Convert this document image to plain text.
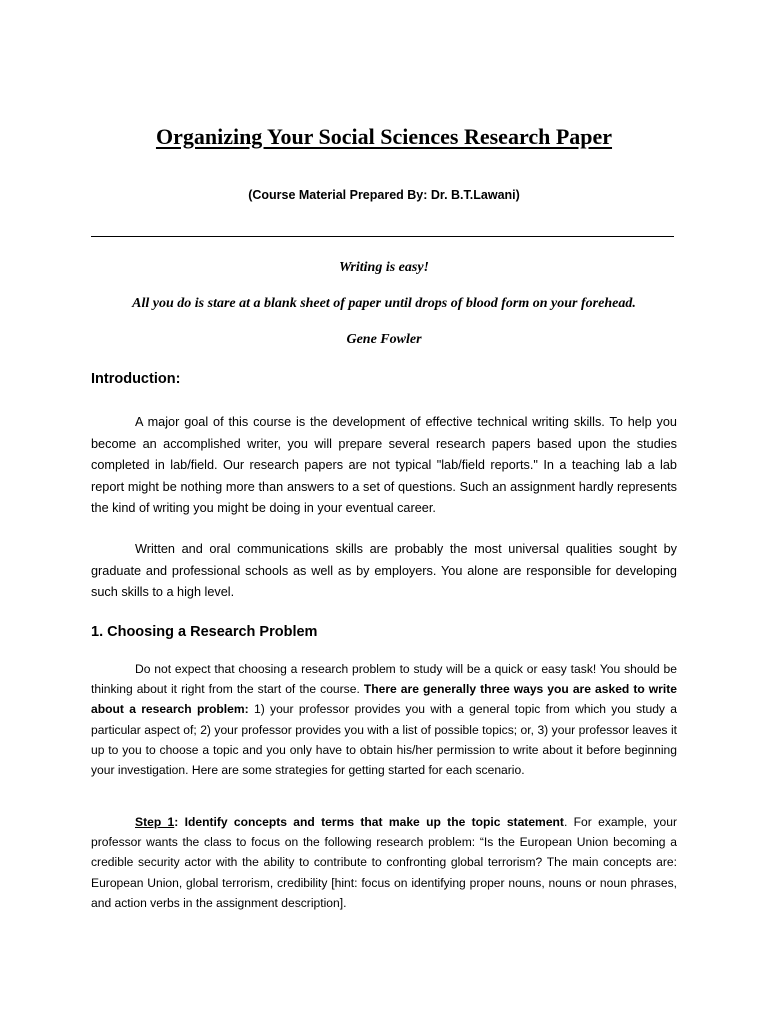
Organizing Your Social Sciences Research Paper
(Course Material Prepared By: Dr. B.T.Lawani)
Writing is easy!
All you do is stare at a blank sheet of paper until drops of blood form on your forehead.
Gene Fowler
Introduction:
A major goal of this course is the development of effective technical writing skills. To help you become an accomplished writer, you will prepare several research papers based upon the studies completed in lab/field. Our research papers are not typical "lab/field reports." In a teaching lab a lab report might be nothing more than answers to a set of questions. Such an assignment hardly represents the kind of writing you might be doing in your eventual career.
Written and oral communications skills are probably the most universal qualities sought by graduate and professional schools as well as by employers. You alone are responsible for developing such skills to a high level.
1. Choosing a Research Problem
Do not expect that choosing a research problem to study will be a quick or easy task! You should be thinking about it right from the start of the course. There are generally three ways you are asked to write about a research problem: 1) your professor provides you with a general topic from which you study a particular aspect of; 2) your professor provides you with a list of possible topics; or, 3) your professor leaves it up to you to choose a topic and you only have to obtain his/her permission to write about it before beginning your investigation. Here are some strategies for getting started for each scenario.
Step 1: Identify concepts and terms that make up the topic statement. For example, your professor wants the class to focus on the following research problem: “Is the European Union becoming a credible security actor with the ability to contribute to confronting global terrorism? The main concepts are: European Union, global terrorism, credibility [hint: focus on identifying proper nouns, nouns or noun phrases, and action verbs in the assignment description].
